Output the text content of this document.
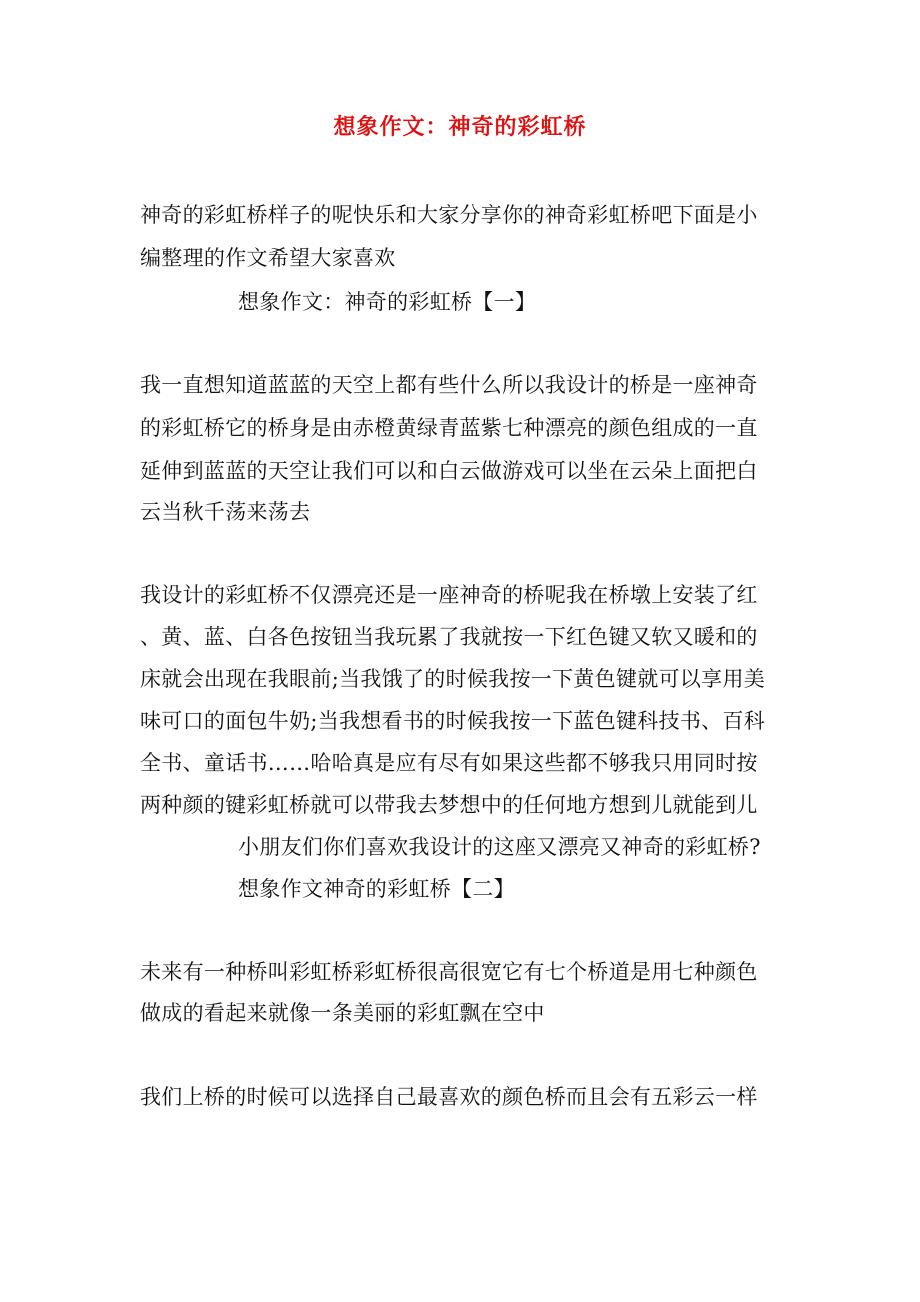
想象作文：神奇的彩虹桥
神奇的彩虹桥样子的呢快乐和大家分享你的神奇彩虹桥吧下面是小
编整理的作文希望大家喜欢
想象作文：神奇的彩虹桥【一】
我一直想知道蓝蓝的天空上都有些什么所以我设计的桥是一座神奇
的彩虹桥它的桥身是由赤橙黄绿青蓝紫七种漂亮的颜色组成的一直
延伸到蓝蓝的天空让我们可以和白云做游戏可以坐在云朵上面把白
云当秋千荡来荡去
我设计的彩虹桥不仅漂亮还是一座神奇的桥呢我在桥墩上安装了红
、黄、蓝、白各色按钮当我玩累了我就按一下红色键又软又暖和的
床就会出现在我眼前;当我饿了的时候我按一下黄色键就可以享用美
味可口的面包牛奶;当我想看书的时候我按一下蓝色键科技书、百科
全书、童话书……哈哈真是应有尽有如果这些都不够我只用同时按
两种颜的键彩虹桥就可以带我去梦想中的任何地方想到儿就能到儿
小朋友们你们喜欢我设计的这座又漂亮又神奇的彩虹桥?
想象作文神奇的彩虹桥【二】
未来有一种桥叫彩虹桥彩虹桥很高很宽它有七个桥道是用七种颜色
做成的看起来就像一条美丽的彩虹飘在空中
我们上桥的时候可以选择自己最喜欢的颜色桥而且会有五彩云一样
